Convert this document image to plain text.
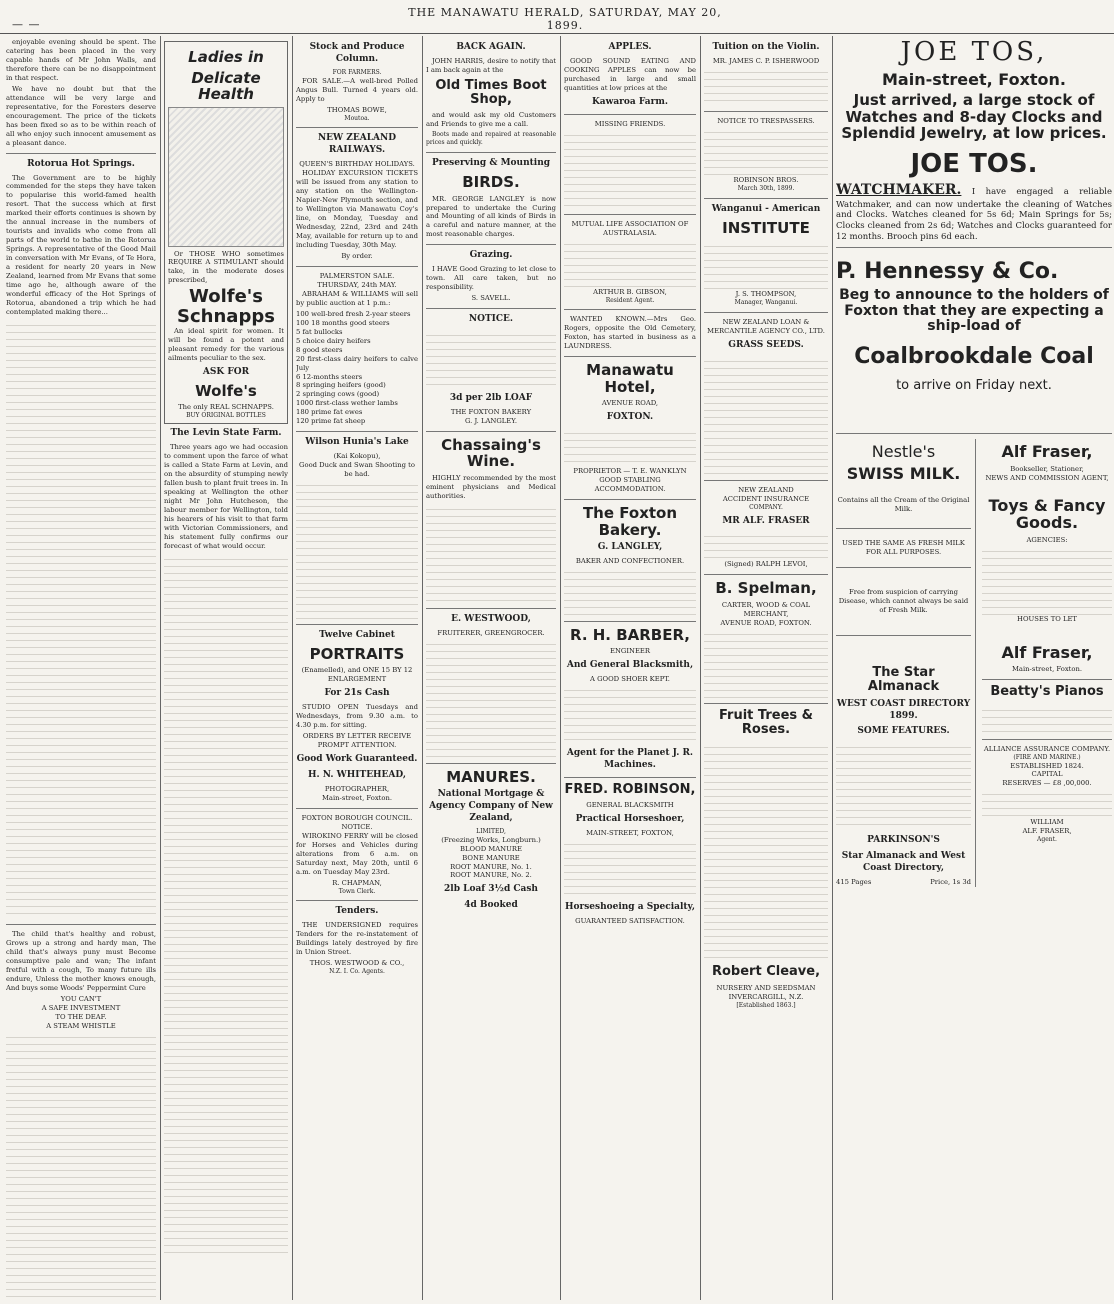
— —
THE MANAWATU HERALD, SATURDAY, MAY 20, 1899.

enjoyable evening should be spent. The catering has been placed in the very capable hands of Mr John Walls, and therefore there can be no disappointment in that respect.

We have no doubt but that the attendance will be very large and representative, for the Foresters deserve encouragement. The price of the tickets has been fixed so as to be within reach of all who enjoy such innocent amusement as a pleasant dance.

Rotorua Hot Springs.

The Government are to be highly commended for the steps they have taken to popularise this world-famed health resort. That the success which at first marked their efforts continues is shown by the annual increase in the numbers of tourists and invalids who come from all parts of the world to bathe in the Rotorua Springs. A representative of the Good Mail in conversation with Mr Evans, of Te Hora, a resident for nearly 20 years in New Zealand, learned from Mr Evans that some time ago he, although aware of the wonderful efficacy of the Hot Springs of Rotorua, abandoned a trip which he had contemplated making there...

The child that's healthy and robust, Grows up a strong and hardy man, The child that's always puny must Become consumptive pale and wan; The infant fretful with a cough, To many future ills endure, Unless the mother knows enough, And buys some Woods' Peppermint Cure

YOU CAN'T
A SAFE INVESTMENT
TO THE DEAF.
A STEAM WHISTLE
Ladies in
Delicate Health

Or THOSE WHO sometimes REQUIRE A STIMULANT should take, in the moderate doses prescribed,

Wolfe's
Schnapps

An ideal spirit for women. It will be found a potent and pleasant remedy for the various ailments peculiar to the sex.

ASK FOR
Wolfe's
The only REAL SCHNAPPS.
BUY ORIGINAL BOTTLES
The Levin State Farm.

Three years ago we had occasion to comment upon the farce of what is called a State Farm at Levin, and on the absurdity of stumping newly fallen bush to plant fruit trees in. In speaking at Wellington the other night Mr John Hutcheson, the labour member for Wellington, told his hearers of his visit to that farm with Victorian Commissioners, and his statement fully confirms our forecast of what would occur.

Stock and Produce Column.
FOR FARMERS.

FOR SALE.—A well-bred Polled Angus Bull. Turned 4 years old. Apply to

THOMAS BOWE,
Moutoa.
NEW ZEALAND RAILWAYS.
QUEEN'S BIRTHDAY HOLIDAYS.

HOLIDAY EXCURSION TICKETS will be issued from any station to any station on the Wellington-Napier-New Plymouth section, and to Wellington via Manawatu Coy's line, on Monday, Tuesday and Wednesday, 22nd, 23rd and 24th May, available for return up to and including Tuesday, 30th May.

By order.
PALMERSTON SALE.
THURSDAY, 24th MAY.

ABRAHAM & WILLIAMS will sell by public auction at 1 p.m.:

100 well-bred fresh 2-year steers
100 18 months good steers
5 fat bullocks
5 choice dairy heifers
8 good steers
20 first-class dairy heifers to calve July
6 12-months steers
8 springing heifers (good)
2 springing cows (good)
1000 first-class wether lambs
180 prime fat ewes
120 prime fat sheep
Wilson Hunia's Lake
(Kai Kokopu),
Good Duck and Swan Shooting to be had.
Twelve Cabinet
PORTRAITS
(Enamelled), and ONE 15 BY 12 ENLARGEMENT
For 21s Cash

STUDIO OPEN Tuesdays and Wednesdays, from 9.30 a.m. to 4.30 p.m. for sitting.

ORDERS BY LETTER RECEIVE PROMPT ATTENTION.
Good Work Guaranteed.
H. N. WHITEHEAD,
PHOTOGRAPHER,
Main-street, Foxton.
FOXTON BOROUGH COUNCIL.
NOTICE.

WIROKINO FERRY will be closed for Horses and Vehicles during alterations from 6 a.m. on Saturday next, May 20th, until 6 a.m. on Tuesday May 23rd.

R. CHAPMAN,
Town Clerk.
Tenders.

THE UNDERSIGNED requires Tenders for the re-instatement of Buildings lately destroyed by fire in Union Street.

THOS. WESTWOOD & CO.,
N.Z. I. Co. Agents.
BACK AGAIN.

JOHN HARRIS, desire to notify that I am back again at the

Old Times Boot Shop,

and would ask my old Customers and Friends to give me a call.

Boots made and repaired at reasonable prices and quickly.

Preserving & Mounting
BIRDS.

MR. GEORGE LANGLEY is now prepared to undertake the Curing and Mounting of all kinds of Birds in a careful and nature manner, at the most reasonable charges.

Grazing.

I HAVE Good Grazing to let close to town. All care taken, but no responsibility.

S. SAVELL.
NOTICE.
3d per 2lb LOAF
THE FOXTON BAKERY
G. J. LANGLEY.
Chassaing's Wine.

HIGHLY recommended by the most eminent physicians and Medical authorities.

E. WESTWOOD,
FRUITERER, GREENGROCER.
MANURES.
National Mortgage & Agency Company of New Zealand,
LIMITED,
(Freezing Works, Longburn.)
BLOOD MANURE
BONE MANURE
ROOT MANURE, No. 1.
ROOT MANURE, No. 2.
2lb Loaf 3½d Cash
4d Booked
APPLES.

GOOD SOUND EATING AND COOKING APPLES can now be purchased in large and small quantities at low prices at the

Kawaroa Farm.
MISSING FRIENDS.
MUTUAL LIFE ASSOCIATION OF AUSTRALASIA.
ARTHUR B. GIBSON,
Resident Agent.

WANTED KNOWN.—Mrs Geo. Rogers, opposite the Old Cemetery, Foxton, has started in business as a LAUNDRESS.

Manawatu Hotel,
AVENUE ROAD,
FOXTON.
PROPRIETOR — T. E. WANKLYN
GOOD STABLING ACCOMMODATION.
The Foxton Bakery.
G. LANGLEY,
BAKER AND CONFECTIONER.
R. H. BARBER,
ENGINEER
And General Blacksmith,
A GOOD SHOER KEPT.
Agent for the Planet J. R. Machines.
FRED. ROBINSON,
GENERAL BLACKSMITH
Practical Horseshoer,
MAIN-STREET, FOXTON,
Horseshoeing a Specialty,
GUARANTEED SATISFACTION.
Tuition on the Violin.
MR. JAMES C. P. ISHERWOOD
NOTICE TO TRESPASSERS.
ROBINSON BROS.
March 30th, 1899.
Wanganui - American
INSTITUTE
J. S. THOMPSON,
Manager, Wanganui.
NEW ZEALAND LOAN & MERCANTILE AGENCY CO., LTD.
GRASS SEEDS.
NEW ZEALAND
ACCIDENT INSURANCE
COMPANY.
MR ALF. FRASER
(Signed) RALPH LEVOI,
B. Spelman,
CARTER, WOOD & COAL MERCHANT,
AVENUE ROAD, FOXTON.
Fruit Trees & Roses.
Robert Cleave,
NURSERY AND SEEDSMAN
INVERCARGILL, N.Z.
[Established 1863.]
JOE TOS,
Main-street, Foxton.
Just arrived, a large stock of Watches and 8-day Clocks and Splendid Jewelry, at low prices.
JOE TOS.
WATCHMAKER. I have engaged a reliable Watchmaker, and can now undertake the cleaning of Watches and Clocks. Watches cleaned for 5s 6d; Main Springs for 5s; Clocks cleaned from 2s 6d; Watches and Clocks guaranteed for 12 months. Brooch pins 6d each.
P. Hennessy & Co.
Beg to announce to the holders of Foxton that they are expecting a ship-load of
Coalbrookdale Coal
to arrive on Friday next.
Nestle's
SWISS MILK.
Contains all the Cream of the Original Milk.
USED THE SAME AS FRESH MILK FOR ALL PURPOSES.
Free from suspicion of carrying Disease, which cannot always be said of Fresh Milk.
The Star Almanack
WEST COAST DIRECTORY 1899.
SOME FEATURES.
PARKINSON'S
Star Almanack and West Coast Directory,
415 Pages	Price, 1s 3d
Alf Fraser,
Bookseller, Stationer,
NEWS AND COMMISSION AGENT,
Toys & Fancy Goods.
AGENCIES:
HOUSES TO LET
Alf Fraser,
Main-street, Foxton.
Beatty's Pianos
ALLIANCE ASSURANCE COMPANY.
(FIRE AND MARINE.)
ESTABLISHED 1824.
CAPITAL
RESERVES — £8 ,00,000.
WILLIAM
ALF. FRASER,
Agent.
